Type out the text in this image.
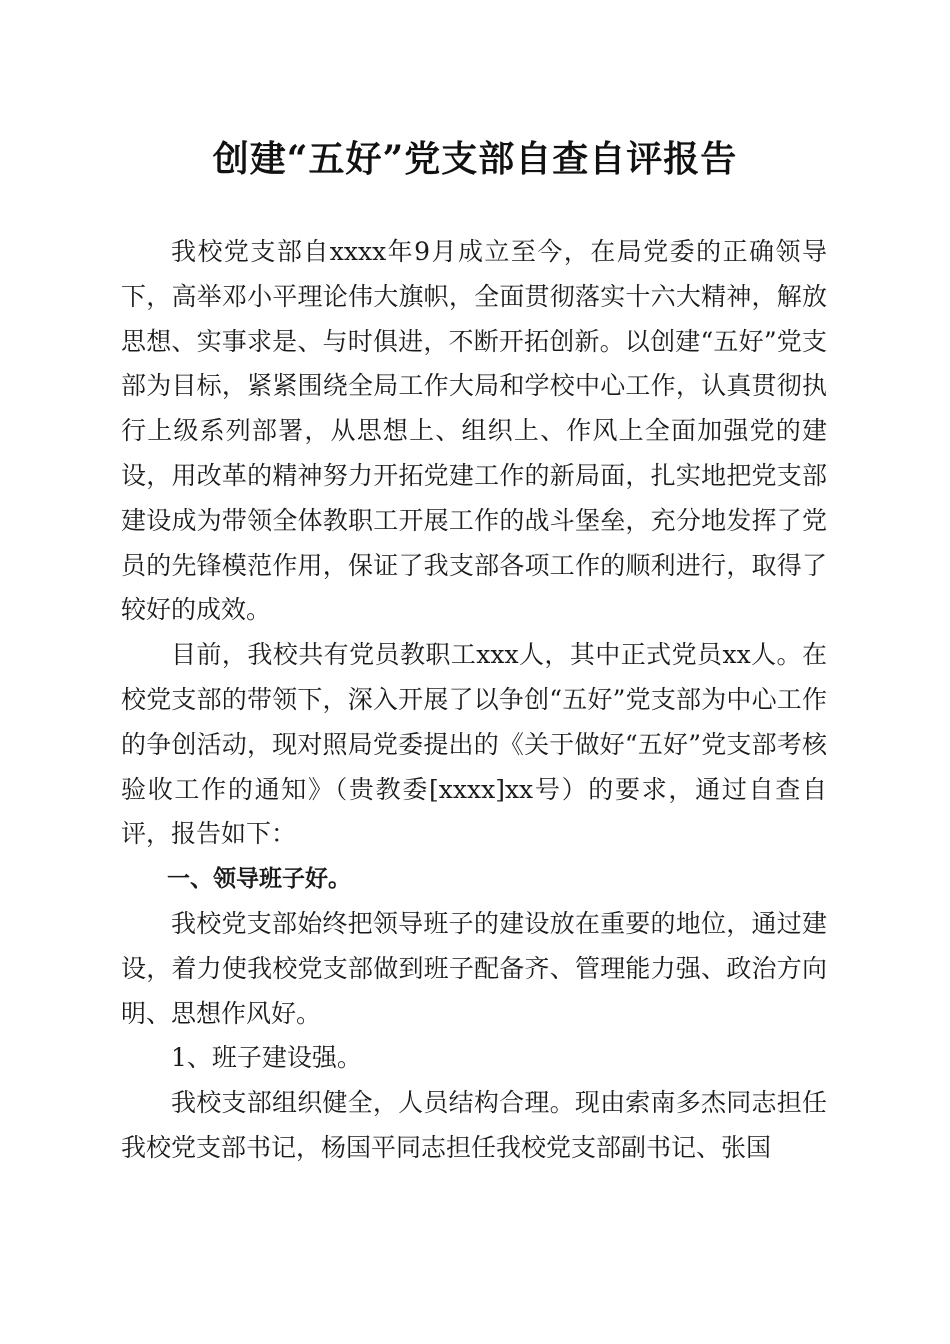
创建“五好”党支部自查自评报告

我校党支部自xxxx年9月成立至今，在局党委的正确领导下，高举邓小平理论伟大旗帜，全面贯彻落实十六大精神，解放思想、实事求是、与时俱进，不断开拓创新。以创建“五好”党支部为目标，紧紧围绕全局工作大局和学校中心工作，认真贯彻执行上级系列部署，从思想上、组织上、作风上全面加强党的建设，用改革的精神努力开拓党建工作的新局面，扎实地把党支部建设成为带领全体教职工开展工作的战斗堡垒，充分地发挥了党员的先锋模范作用，保证了我支部各项工作的顺利进行，取得了较好的成效。

目前，我校共有党员教职工xxx人，其中正式党员xx人。在校党支部的带领下，深入开展了以争创“五好”党支部为中心工作的争创活动，现对照局党委提出的《关于做好“五好”党支部考核验收工作的通知》（贵教委[xxxx]xx号）的要求，通过自查自评，报告如下：

一、领导班子好。

我校党支部始终把领导班子的建设放在重要的地位，通过建设，着力使我校党支部做到班子配备齐、管理能力强、政治方向明、思想作风好。

1、班子建设强。

我校支部组织健全，人员结构合理。现由索南多杰同志担任我校党支部书记，杨国平同志担任我校党支部副书记、张国
